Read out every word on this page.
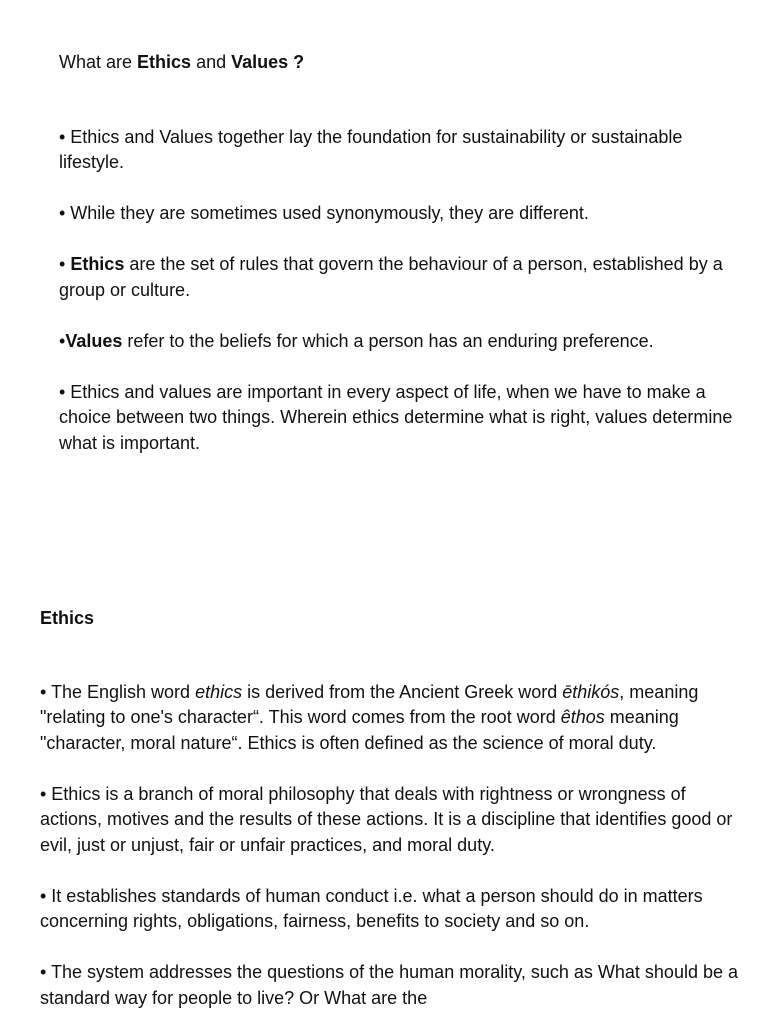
What are Ethics and Values ?

• Ethics and Values together lay the foundation for sustainability or sustainable lifestyle.

• While they are sometimes used synonymously, they are different.

• Ethics are the set of rules that govern the behaviour of a person, established by a group or culture.

•Values refer to the beliefs for which a person has an enduring preference.

• Ethics and values are important in every aspect of life, when we have to make a choice between two things. Wherein ethics determine what is right, values determine what is important.

Ethics

• The English word ethics is derived from the Ancient Greek word ēthikós, meaning "relating to one's character“. This word comes from the root word êthos meaning "character, moral nature“. Ethics is often defined as the science of moral duty.

• Ethics is a branch of moral philosophy that deals with rightness or wrongness of actions, motives and the results of these actions. It is a discipline that identifies good or evil, just or unjust, fair or unfair practices, and moral duty.

• It establishes standards of human conduct i.e. what a person should do in matters concerning rights, obligations, fairness, benefits to society and so on.

• The system addresses the questions of the human morality, such as What should be a standard way for people to live? Or What are the
